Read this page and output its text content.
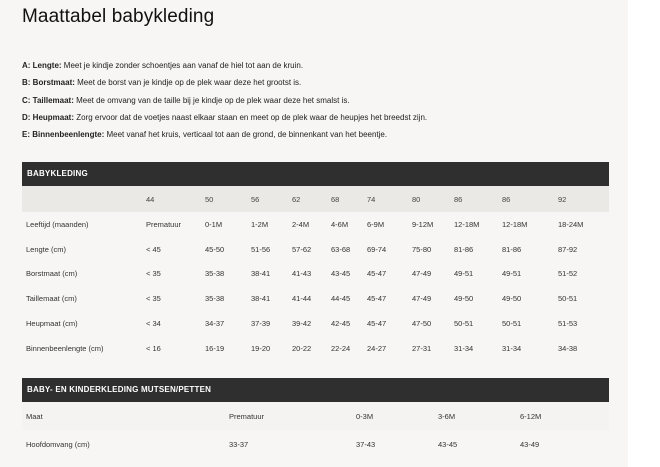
Maattabel babykleding
A: Lengte: Meet je kindje zonder schoentjes aan vanaf de hiel tot aan de kruin.
B: Borstmaat: Meet de borst van je kindje op de plek waar deze het grootst is.
C: Taillemaat: Meet de omvang van de taille bij je kindje op de plek waar deze het smalst is.
D: Heupmaat: Zorg ervoor dat de voetjes naast elkaar staan en meet op de plek waar de heupjes het breedst zijn.
E: Binnenbeenlengte: Meet vanaf het kruis, verticaal tot aan de grond, de binnenkant van het beentje.
BABYKLEDING
	44	50	56	62	68	74	80	86	86	92
Leeftijd (maanden)	Prematuur	0-1M	1-2M	2-4M	4-6M	6-9M	9-12M	12-18M	12-18M	18-24M
Lengte (cm)	< 45	45-50	51-56	57-62	63-68	69-74	75-80	81-86	81-86	87-92
Borstmaat (cm)	< 35	35-38	38-41	41-43	43-45	45-47	47-49	49-51	49-51	51-52
Taillemaat (cm)	< 35	35-38	38-41	41-44	44-45	45-47	47-49	49-50	49-50	50-51
Heupmaat (cm)	< 34	34-37	37-39	39-42	42-45	45-47	47-50	50-51	50-51	51-53
Binnenbeenlengte (cm)	< 16	16-19	19-20	20-22	22-24	24-27	27-31	31-34	31-34	34-38
BABY- EN KINDERKLEDING MUTSEN/PETTEN
Maat	Prematuur	0-3M	3-6M	6-12M
Hoofdomvang (cm)	33-37	37-43	43-45	43-49
